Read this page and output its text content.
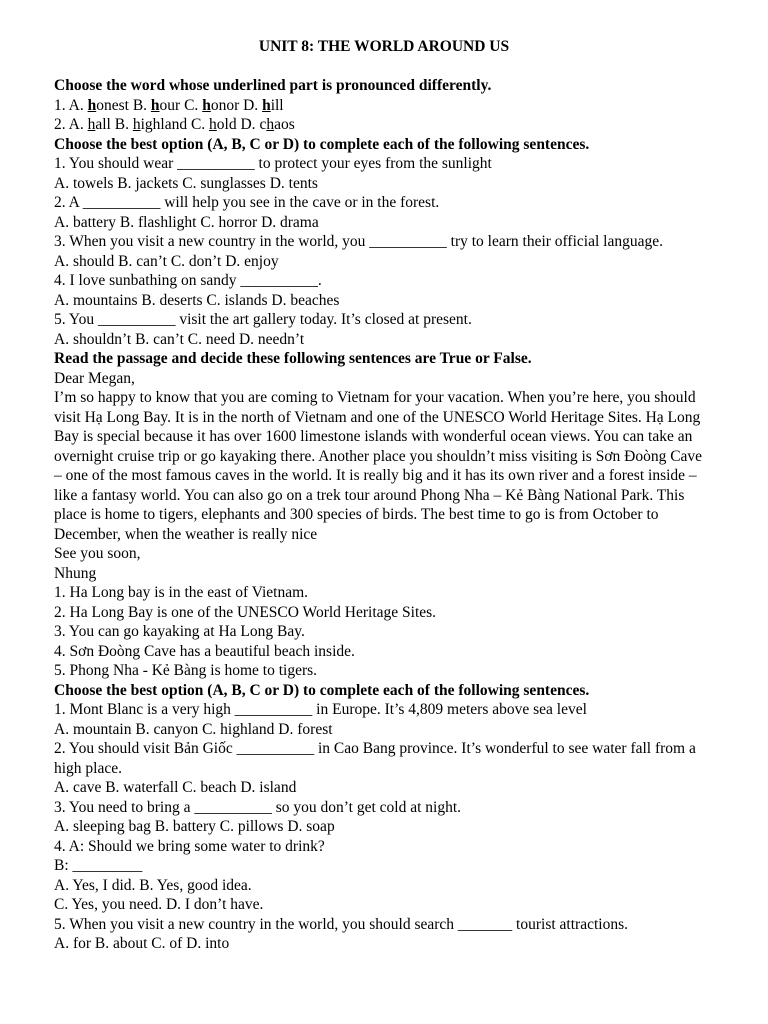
UNIT 8: THE WORLD AROUND US
Choose the word whose underlined part is pronounced differently.
1. A. honest B. hour C. honor D. hill
2. A. hall B. highland C. hold D. chaos
Choose the best option (A, B, C or D) to complete each of the following sentences.
1. You should wear __________ to protect your eyes from the sunlight
A. towels B. jackets C. sunglasses D. tents
2. A __________ will help you see in the cave or in the forest.
A. battery B. flashlight C. horror D. drama
3. When you visit a new country in the world, you __________ try to learn their official language.
A. should B. can’t C. don’t D. enjoy
4. I love sunbathing on sandy __________.
A. mountains B. deserts C. islands D. beaches
5. You __________ visit the art gallery today. It’s closed at present.
A. shouldn’t B. can’t C. need D. needn’t
Read the passage and decide these following sentences are True or False.
Dear Megan,
I’m so happy to know that you are coming to Vietnam for your vacation. When you’re here, you should
visit Hạ Long Bay. It is in the north of Vietnam and one of the UNESCO World Heritage Sites. Hạ Long
Bay is special because it has over 1600 limestone islands with wonderful ocean views. You can take an
overnight cruise trip or go kayaking there. Another place you shouldn’t miss visiting is Sơn Đoòng Cave
– one of the most famous caves in the world. It is really big and it has its own river and a forest inside –
like a fantasy world. You can also go on a trek tour around Phong Nha – Kẻ Bàng National Park. This
place is home to tigers, elephants and 300 species of birds. The best time to go is from October to
December, when the weather is really nice
See you soon,
Nhung
1. Ha Long bay is in the east of Vietnam.
2. Ha Long Bay is one of the UNESCO World Heritage Sites.
3. You can go kayaking at Ha Long Bay.
4. Sơn Đoòng Cave has a beautiful beach inside.
5. Phong Nha - Kẻ Bàng is home to tigers.
Choose the best option (A, B, C or D) to complete each of the following sentences.
1. Mont Blanc is a very high __________ in Europe. It’s 4,809 meters above sea level
A. mountain B. canyon C. highland D. forest
2. You should visit Bản Giốc __________ in Cao Bang province. It’s wonderful to see water fall from a
high place.
A. cave B. waterfall C. beach D. island
3. You need to bring a __________ so you don’t get cold at night.
A. sleeping bag B. battery C. pillows D. soap
4. A: Should we bring some water to drink?
B: _________
A. Yes, I did. B. Yes, good idea.
C. Yes, you need. D. I don’t have.
5. When you visit a new country in the world, you should search _______ tourist attractions.
A. for B. about C. of D. into
